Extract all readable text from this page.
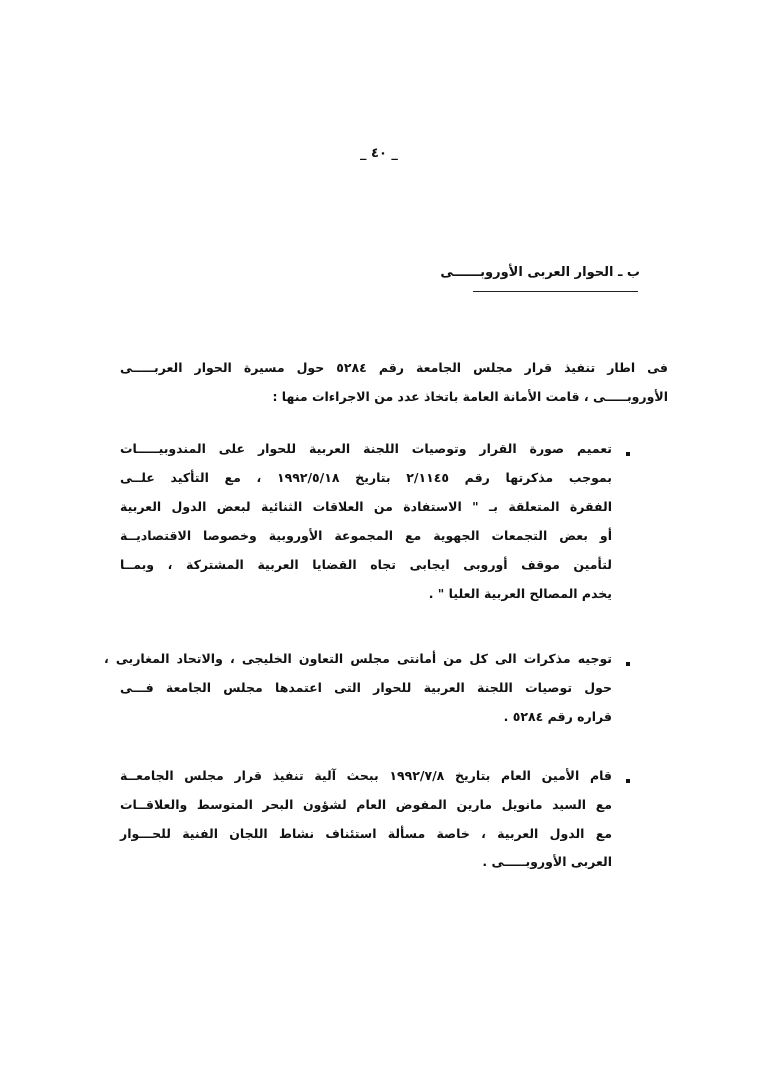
_ ٤٠ _
ب ـ الحوار العربى الأوروبــــــى
فى اطار تنفيذ قرار مجلس الجامعة رقم ٥٢٨٤ حول مسيرة الحوار العربـــــى
الأوروبـــــى ، قامت الأمانة العامة باتخاذ عدد من الاجراءات منها :
تعميم صورة القرار وتوصيات اللجنة العربية للحوار على المندوبيـــــات
بموجب مذكرتها رقم ٢/١١٤٥ بتاريخ ١٩٩٢/٥/١٨ ، مع التأكيد علــى
الفقرة المتعلقة بـ " الاستفادة من العلاقات الثنائية لبعض الدول العربية
أو بعض التجمعات الجهوية مع المجموعة الأوروبية وخصوصا الاقتصاديــة
لتأمين موقف أوروبى ايجابى تجاه القضايا العربية المشتركة ، وبمــا
يخدم المصالح العربية العليا " .
توجيه مذكرات الى كل من أمانتى مجلس التعاون الخليجى ، والاتحاد المغاربى ،
حول توصيات اللجنة العربية للحوار التى اعتمدها مجلس الجامعة فـــى
قراره رقم ٥٢٨٤ .
قام الأمين العام بتاريخ ١٩٩٢/٧/٨ ببحث آلية تنفيذ قرار مجلس الجامعــة
مع السيد مانويل مارين المفوض العام لشؤون البحر المتوسط والعلاقــات
مع الدول العربية ، خاصة مسألة استئناف نشاط اللجان الفنية للحـــوار
العربى الأوروبـــــى .
